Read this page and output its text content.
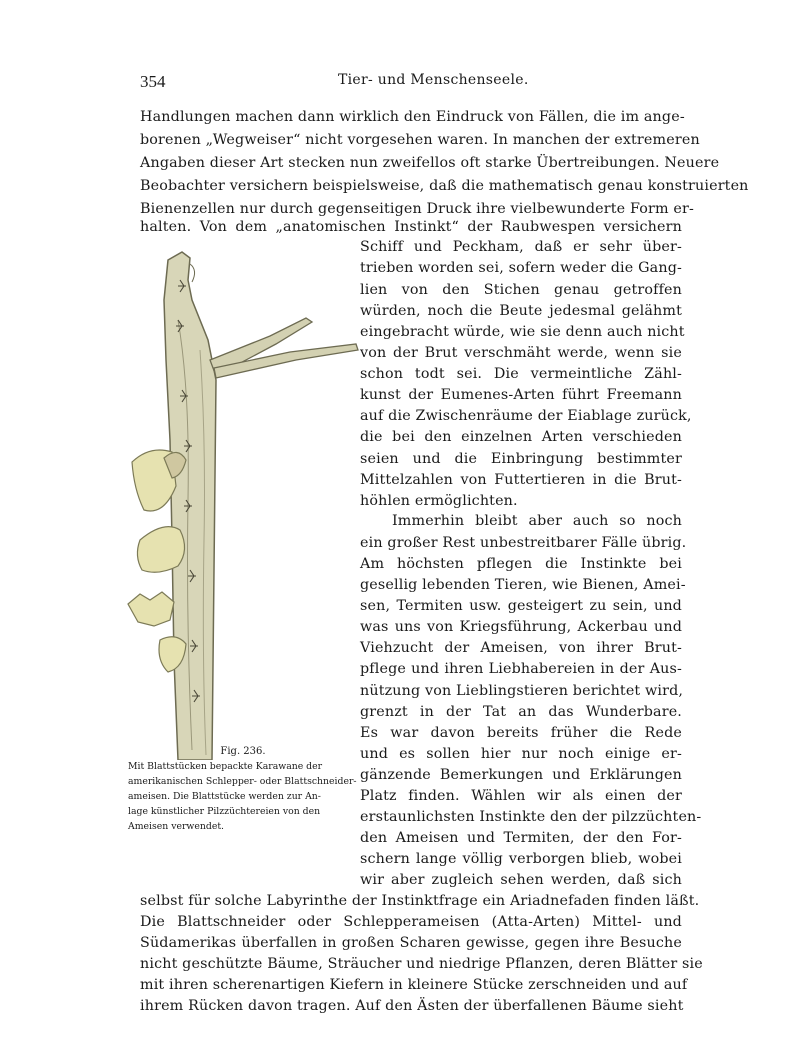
354	Tier- und Menschenseele.
Handlungen machen dann wirklich den Eindruck von Fällen, die im ange-
borenen „Wegweiser“ nicht vorgesehen waren. In manchen der extremeren
Angaben dieser Art stecken nun zweifellos oft starke Übertreibungen. Neuere
Beobachter versichern beispielsweise, daß die mathematisch genau konstruierten
Bienenzellen nur durch gegenseitigen Druck ihre vielbewunderte Form er-
halten. Von dem „anatomischen Instinkt“ der Raubwespen versichern
Fig. 236.
Mit Blattstücken bepackte Karawane der
amerikanischen Schlepper- oder Blattschneider-
ameisen. Die Blattstücke werden zur An-
lage künstlicher Pilzzüchtereien von den
Ameisen verwendet.
Schiff und Peckham, daß er sehr über-
trieben worden sei, sofern weder die Gang-
lien von den Stichen genau getroffen
würden, noch die Beute jedesmal gelähmt
eingebracht würde, wie sie denn auch nicht
von der Brut verschmäht werde, wenn sie
schon todt sei. Die vermeintliche Zähl-
kunst der Eumenes-Arten führt Freemann
auf die Zwischenräume der Eiablage zurück,
die bei den einzelnen Arten verschieden
seien und die Einbringung bestimmter
Mittelzahlen von Futtertieren in die Brut-
höhlen ermöglichten.
Immerhin bleibt aber auch so noch
ein großer Rest unbestreitbarer Fälle übrig.
Am höchsten pflegen die Instinkte bei
gesellig lebenden Tieren, wie Bienen, Amei-
sen, Termiten usw. gesteigert zu sein, und
was uns von Kriegsführung, Ackerbau und
Viehzucht der Ameisen, von ihrer Brut-
pflege und ihren Liebhabereien in der Aus-
nützung von Lieblingstieren berichtet wird,
grenzt in der Tat an das Wunderbare.
Es war davon bereits früher die Rede
und es sollen hier nur noch einige er-
gänzende Bemerkungen und Erklärungen
Platz finden. Wählen wir als einen der
erstaunlichsten Instinkte den der pilzzüchten-
den Ameisen und Termiten, der den For-
schern lange völlig verborgen blieb, wobei
wir aber zugleich sehen werden, daß sich
selbst für solche Labyrinthe der Instinktfrage ein Ariadnefaden finden läßt.
Die Blattschneider oder Schlepperameisen (Atta-Arten) Mittel- und
Südamerikas überfallen in großen Scharen gewisse, gegen ihre Besuche
nicht geschützte Bäume, Sträucher und niedrige Pflanzen, deren Blätter sie
mit ihren scherenartigen Kiefern in kleinere Stücke zerschneiden und auf
ihrem Rücken davon tragen. Auf den Ästen der überfallenen Bäume sieht
